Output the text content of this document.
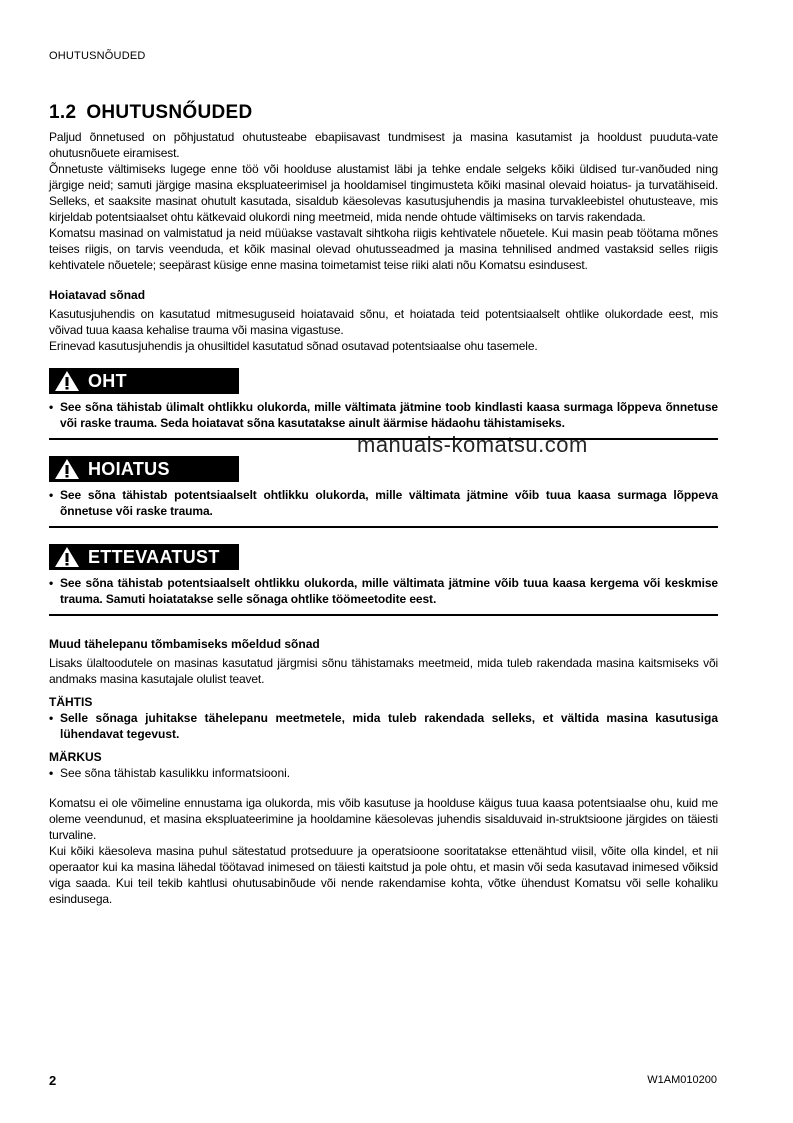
OHUTUSNÕUDED
1.2 OHUTUSNŐUDED

Paljud õnnetused on põhjustatud ohutusteabe ebapiisavast tundmisest ja masina kasutamist ja hooldust puuduta-vate ohutusnõuete eiramisest.

Õnnetuste vältimiseks lugege enne töö või hoolduse alustamist läbi ja tehke endale selgeks kõiki üldised tur-vanõuded ning järgige neid; samuti järgige masina ekspluateerimisel ja hooldamisel tingimusteta kõiki masinal olevaid hoiatus- ja turvatähiseid. Selleks, et saaksite masinat ohutult kasutada, sisaldub käesolevas kasutusjuhendis ja masina turvakleebistel ohutusteave, mis kirjeldab potentsiaalset ohtu kätkevaid olukordi ning meetmeid, mida nende ohtude vältimiseks on tarvis rakendada.

Komatsu masinad on valmistatud ja neid müüakse vastavalt sihtkoha riigis kehtivatele nõuetele. Kui masin peab töötama mõnes teises riigis, on tarvis veenduda, et kõik masinal olevad ohutusseadmed ja masina tehnilised andmed vastaksid selles riigis kehtivatele nõuetele; seepärast küsige enne masina toimetamist teise riiki alati nõu Komatsu esindusest.

Hoiatavad sõnad

Kasutusjuhendis on kasutatud mitmesuguseid hoiatavaid sõnu, et hoiatada teid potentsiaalselt ohtlike olukordade eest, mis võivad tuua kaasa kehalise trauma või masina vigastuse.

Erinevad kasutusjuhendis ja ohusiltidel kasutatud sõnad osutavad potentsiaalse ohu tasemele.

OHT

• See sõna tähistab ülimalt ohtlikku olukorda, mille vältimata jätmine toob kindlasti kaasa surmaga lõppeva õnnetuse või raske trauma. Seda hoiatavat sõna kasutatakse ainult äärmise hädaohu tähistamiseks.

HOIATUS

• See sõna tähistab potentsiaalselt ohtlikku olukorda, mille vältimata jätmine võib tuua kaasa surmaga lõppeva õnnetuse või raske trauma.

ETTEVAATUST

• See sõna tähistab potentsiaalselt ohtlikku olukorda, mille vältimata jätmine võib tuua kaasa kergema või keskmise trauma. Samuti hoiatatakse selle sõnaga ohtlike töömeetodite eest.

Muud tähelepanu tõmbamiseks mõeldud sõnad

Lisaks ülaltoodutele on masinas kasutatud järgmisi sõnu tähistamaks meetmeid, mida tuleb rakendada masina kaitsmiseks või andmaks masina kasutajale olulist teavet.

TÄHTIS

• Selle sõnaga juhitakse tähelepanu meetmetele, mida tuleb rakendada selleks, et vältida masina kasutusiga lühendavat tegevust.

MÄRKUS

• See sõna tähistab kasulikku informatsiooni.

Komatsu ei ole võimeline ennustama iga olukorda, mis võib kasutuse ja hoolduse käigus tuua kaasa potentsiaalse ohu, kuid me oleme veendunud, et masina ekspluateerimine ja hooldamine käesolevas juhendis sisalduvaid in-struktsioone järgides on täiesti turvaline.

Kui kõiki käesoleva masina puhul sätestatud protseduure ja operatsioone sooritatakse ettenähtud viisil, võite olla kindel, et nii operaator kui ka masina lähedal töötavad inimesed on täiesti kaitstud ja pole ohtu, et masin või seda kasutavad inimesed võiksid viga saada. Kui teil tekib kahtlusi ohutusabinõude või nende rakendamise kohta, võtke ühendust Komatsu või selle kohaliku esindusega.

manuals-komatsu.com
2	W1AM010200
